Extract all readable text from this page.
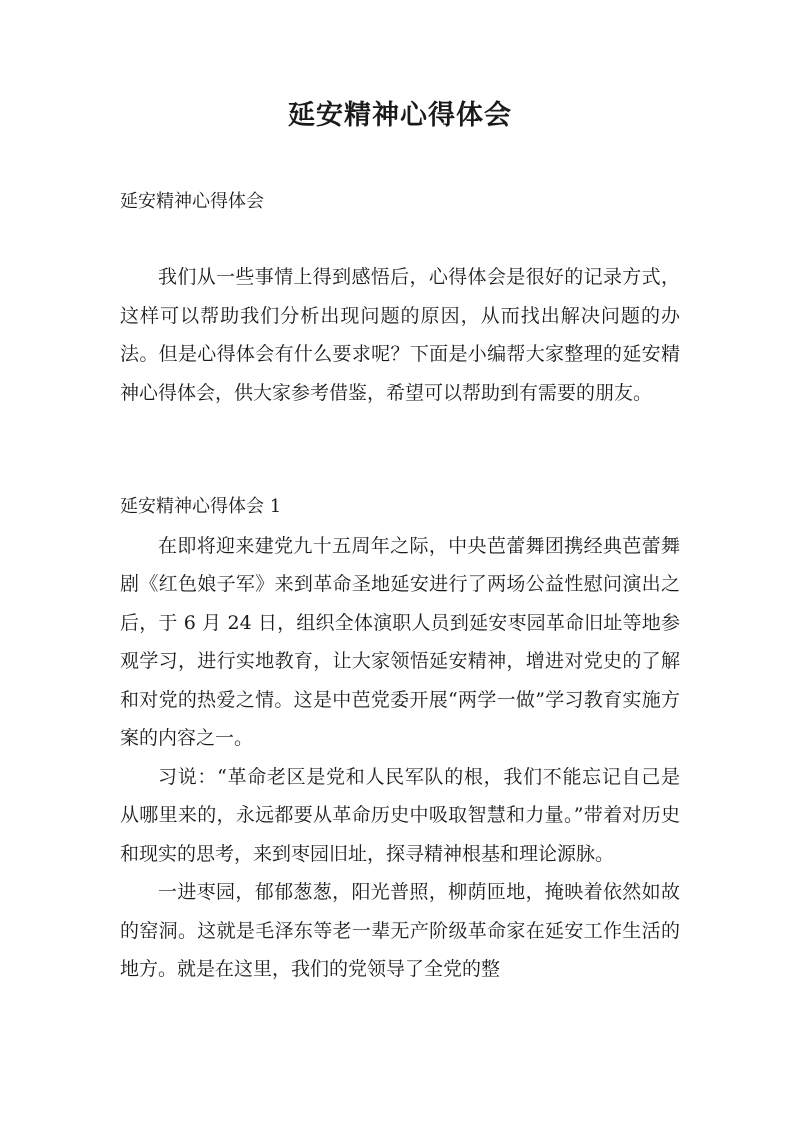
延安精神心得体会
延安精神心得体会

我们从一些事情上得到感悟后，心得体会是很好的记录方式，这样可以帮助我们分析出现问题的原因，从而找出解决问题的办法。但是心得体会有什么要求呢？下面是小编帮大家整理的延安精神心得体会，供大家参考借鉴，希望可以帮助到有需要的朋友。

延安精神心得体会 1

在即将迎来建党九十五周年之际，中央芭蕾舞团携经典芭蕾舞剧《红色娘子军》来到革命圣地延安进行了两场公益性慰问演出之后，于 6 月 24 日，组织全体演职人员到延安枣园革命旧址等地参观学习，进行实地教育，让大家领悟延安精神，增进对党史的了解和对党的热爱之情。这是中芭党委开展“两学一做”学习教育实施方案的内容之一。

习说：“革命老区是党和人民军队的根，我们不能忘记自己是从哪里来的，永远都要从革命历史中吸取智慧和力量。”带着对历史和现实的思考，来到枣园旧址，探寻精神根基和理论源脉。

一进枣园，郁郁葱葱，阳光普照，柳荫匝地，掩映着依然如故的窑洞。这就是毛泽东等老一辈无产阶级革命家在延安工作生活的地方。就是在这里，我们的党领导了全党的整
